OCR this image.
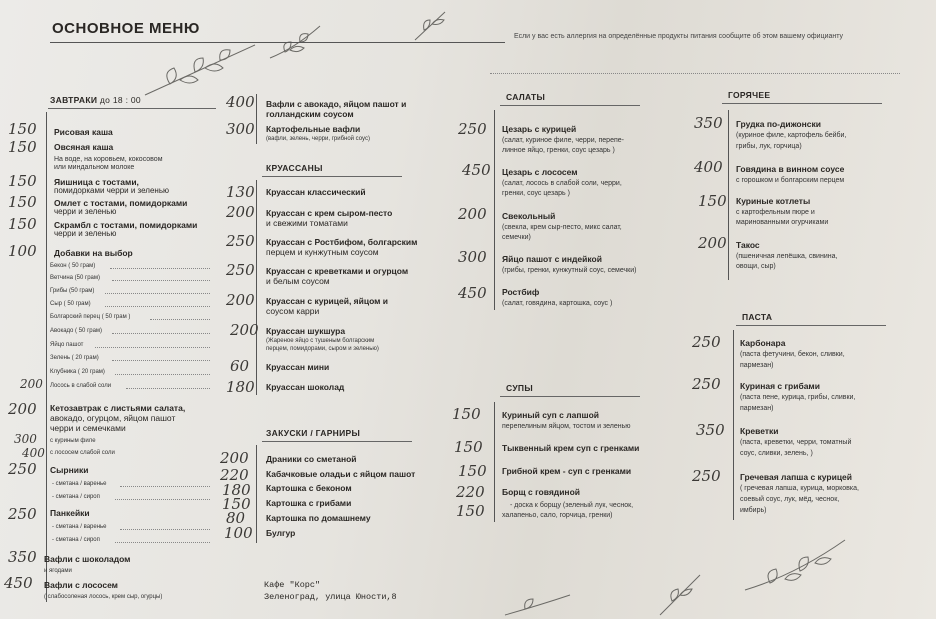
ОСНОВНОЕ МЕНЮ	Если у вас есть аллергия на определённые продукты питания сообщите об этом вашему официанту
ЗАВТРАКИ до 18 : 00
150 Рисовая каша
150 Овсяная каша
На воде, на коровьем, кокосовом
или миндальном молоке
150 Яишница с тостами,
помидорками черри и зеленью
150 Омлет с тостами, помидорками
черри и зеленью
150 Скрамбл с тостами, помидорками
черри и зеленью
100 Добавки на выбор
Бекон ( 50 грам)
Ветчина (50 грам)
Грибы (50 грам)
Сыр ( 50 грам)
Болгарский перец ( 50 грам )
Авокадо ( 50 грам)
Яйцо пашот
Зелень ( 20 грам)
Клубника ( 20 грам)
200 Лосось в слабой соли
200 Кетозавтрак с листьями салата,
авокадо, огурцом, яйцом пашот
черри и семечками
300 с куриным филе
400 с лососем слабой соли
250 Сырники
- сметана / варенье
- сметана / сироп
250 Панкейки
- сметана / варенье
- сметана / сироп
350 Вафли с шоколадом
и ягодами
450 Вафли с лососем
( слабосоленая лосось, крем сыр, огурцы)
400 Вафли с авокадо, яйцом пашот и
голландским соусом
300 Картофельные вафли
(вафли, зелень, черри, грибной соус)
КРУАССАНЫ
130 Круассан классический
200 Круассан с крем сыром-песто
и свежими томатами
250 Круассан с Ростбифом, болгарским
перцем и кунжутным соусом
250 Круассан с креветками и огурцом
и белым соусом
200 Круассан с курицей, яйцом и
соусом карри
200 Круассан шукшура
(Жареное яйцо с тушеным болгарским
перцем, помидорами, сыром и зеленью)
60 Круассан мини
180 Круассан шоколад
ЗАКУСКИ / ГАРНИРЫ
200 Драники со сметаной
220 Кабачковые оладьи с яйцом пашот
180 Картошка с беконом
150 Картошка с грибами
80 Картошка по домашнему
100 Булгур
Кафе "Корс"
Зеленоград, улица Юности,8
САЛАТЫ
250 Цезарь с курицей
(салат, куриное филе, черри, перепе-
линное яйцо, гренки, соус цезарь )
450 Цезарь с лососем
(салат, лосось в слабой соли, черри,
гренки, соус цезарь )
200 Свекольный
(свекла, крем сыр-песто, микс салат,
семечки)
300 Яйцо пашот с индейкой
(грибы, гренки, кунжутный соус, семечки)
450 Ростбиф
(салат, говядина, картошка, соус )
СУПЫ
150	Куриный суп с лапшой
перепелиным яйцом, тостом и зеленью
150 Тыквенный крем суп с гренками
150 Грибной крем - суп с гренками
220 Борщ с говядиной
150	- доска к борщу (зеленый лук, чеснок,
халапеньо, сало, горчица, гренки)
ГОРЯЧЕЕ
350 Грудка по-дижонски
(куриное филе, картофель бейби,
грибы, лук, горчица)
400 Говядина в винном соусе
с горошком и болгарским перцем
150 Куриные котлеты
с картофельным пюре и
маринованными огурчиками
200 Такос
(пшеничная лепёшка, свинина,
овощи, сыр)
ПАСТА
250 Карбонара
(паста фетучини, бекон, сливки,
пармезан)
250 Куриная с грибами
(паста пене, курица, грибы, сливки,
пармезан)
350 Креветки
(паста, креветки, черри, томатный
соус, сливки, зелень, )
250 Гречевая лапша с курицей
( гречевая лапша, курица, морковка,
соевый соус, лук, мёд, чеснок,
имбирь)
